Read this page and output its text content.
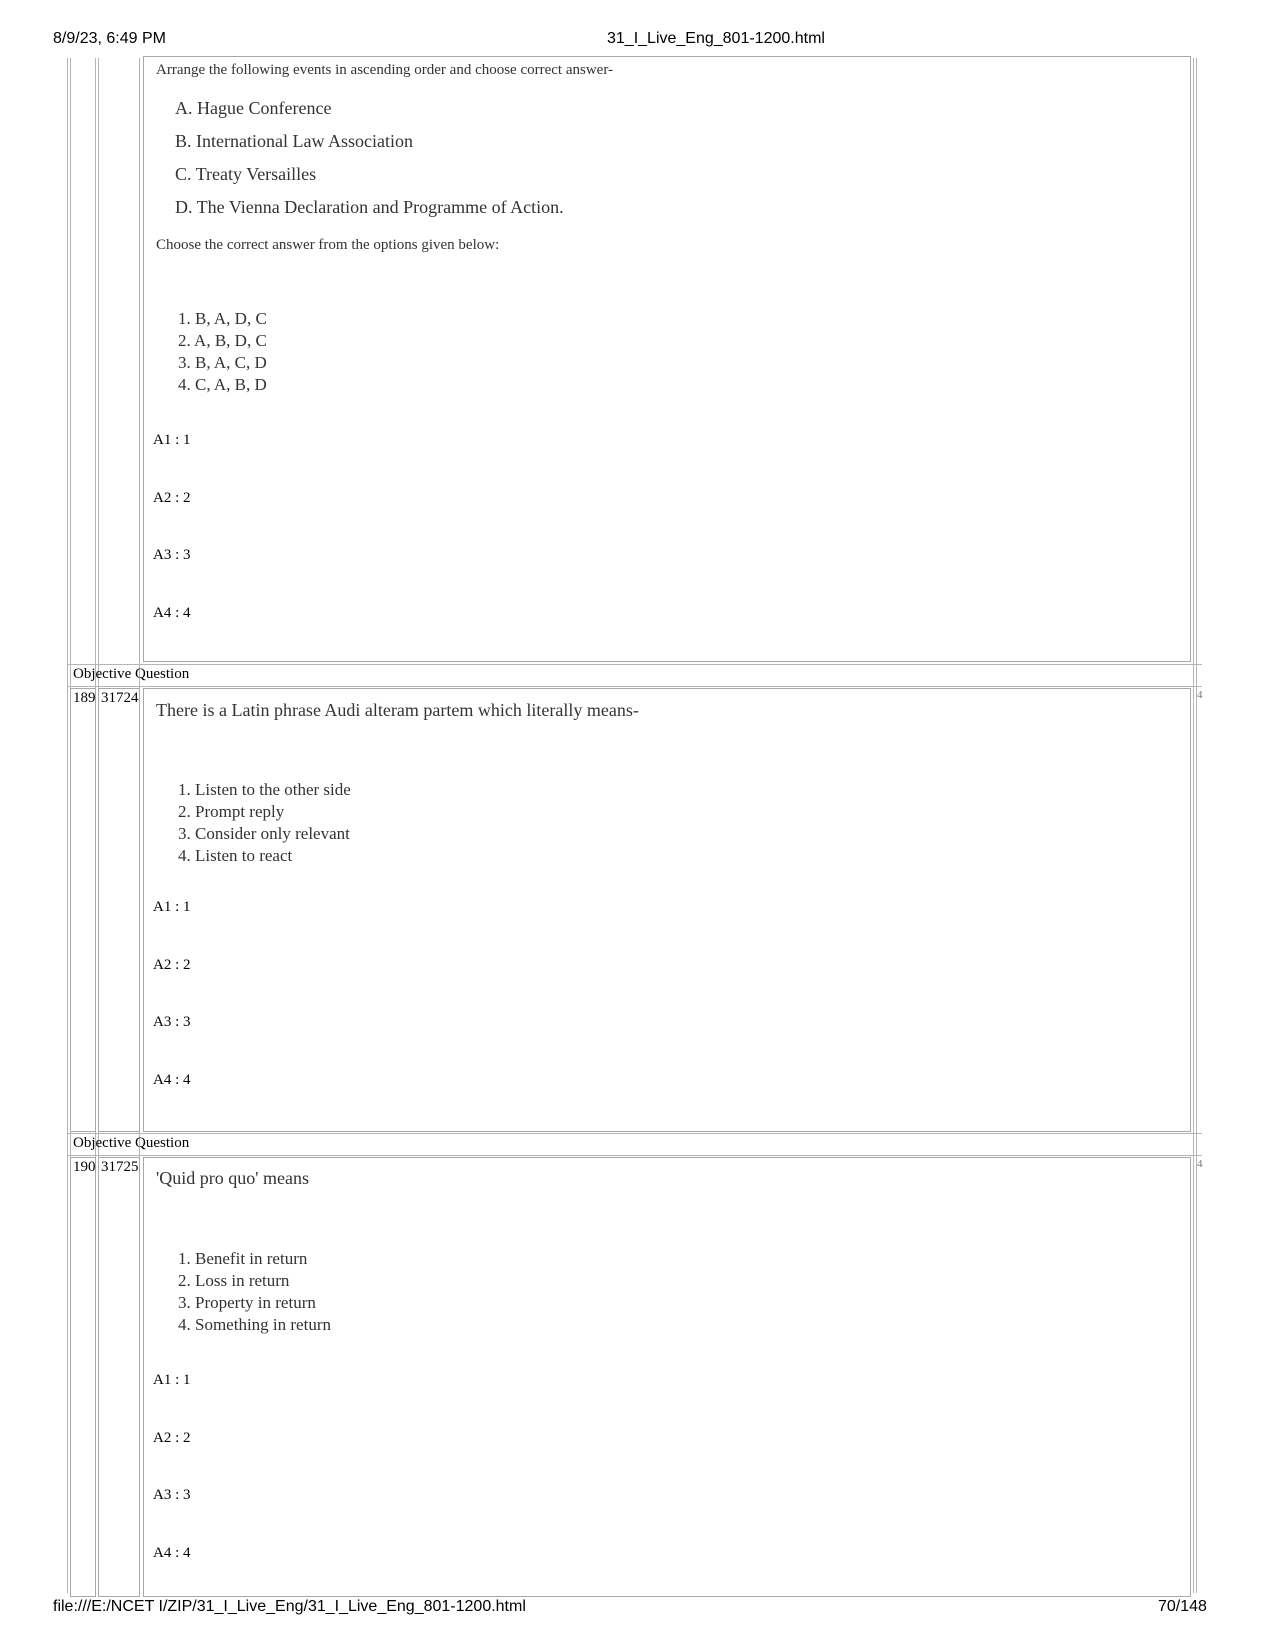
8/9/23, 6:49 PM	31_I_Live_Eng_801-1200.html
Arrange the following events in ascending order and choose correct answer-
A. Hague Conference
B. International Law Association
C. Treaty Versailles
D. The Vienna Declaration and Programme of Action.
Choose the correct answer from the options given below:
1. B, A, D, C
2. A, B, D, C
3. B, A, C, D
4. C, A, B, D
A1 : 1
A2 : 2
A3 : 3
A4 : 4
Objective Question
189 31724
There is a Latin phrase Audi alteram partem which literally means-
1. Listen to the other side
2. Prompt reply
3. Consider only relevant
4. Listen to react
A1 : 1
A2 : 2
A3 : 3
A4 : 4
4
Objective Question
190 31725
'Quid pro quo' means
1. Benefit in return
2. Loss in return
3. Property in return
4. Something in return
A1 : 1
A2 : 2
A3 : 3
A4 : 4
4
file:///E:/NCET I/ZIP/31_I_Live_Eng/31_I_Live_Eng_801-1200.html	70/148
